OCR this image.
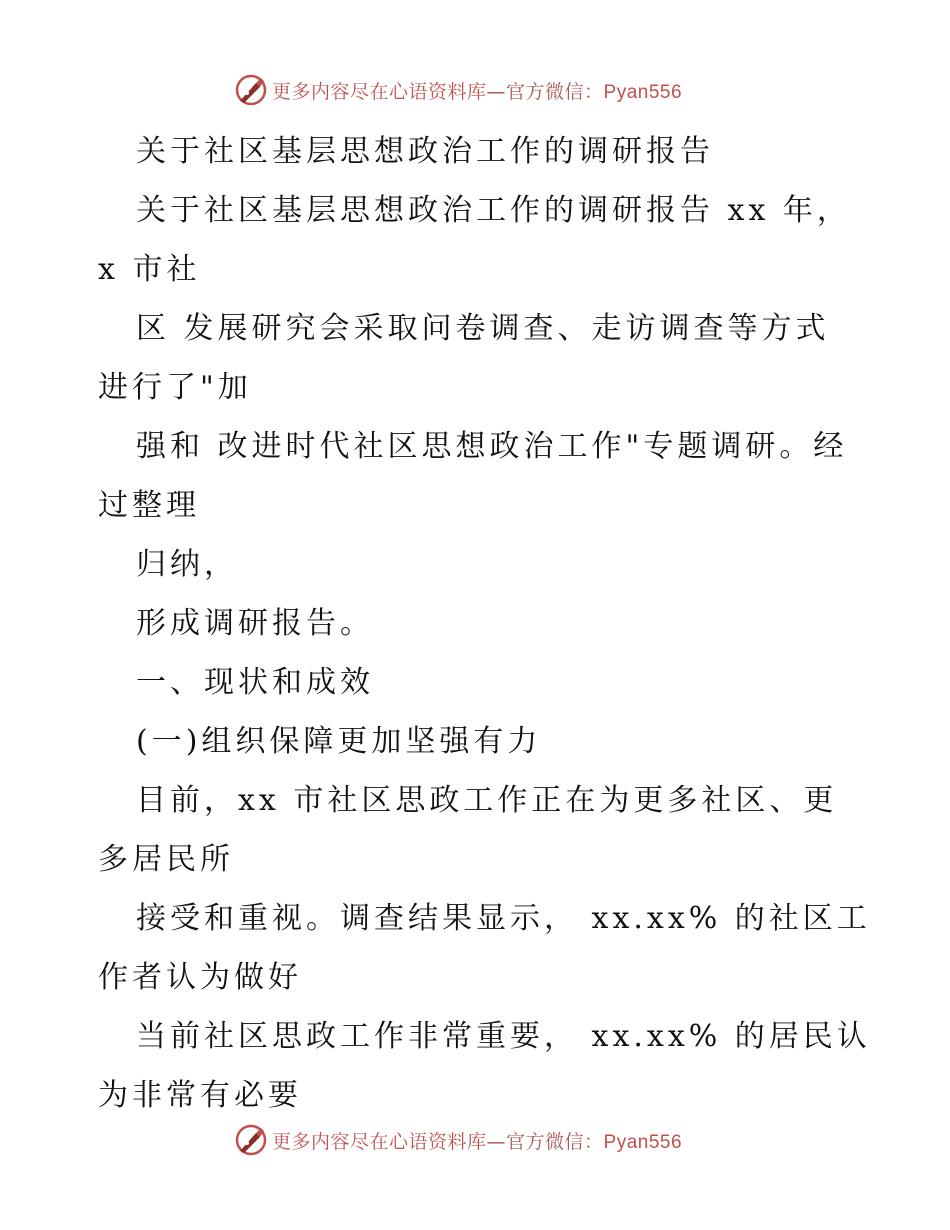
更多内容尽在心语资料库—官方微信：Pyan556
关于社区基层思想政治工作的调研报告
关于社区基层思想政治工作的调研报告 xx 年，
x 市社
区 发展研究会采取问卷调查、走访调查等方式
进行了"加
强和 改进时代社区思想政治工作"专题调研。经
过整理
归纳，
形成调研报告。
一、现状和成效
(一)组织保障更加坚强有力
目前，xx 市社区思政工作正在为更多社区、更
多居民所
接受和重视。调查结果显示， xx.xx% 的社区工
作者认为做好
当前社区思政工作非常重要， xx.xx% 的居民认
为非常有必要
更多内容尽在心语资料库—官方微信：Pyan556
